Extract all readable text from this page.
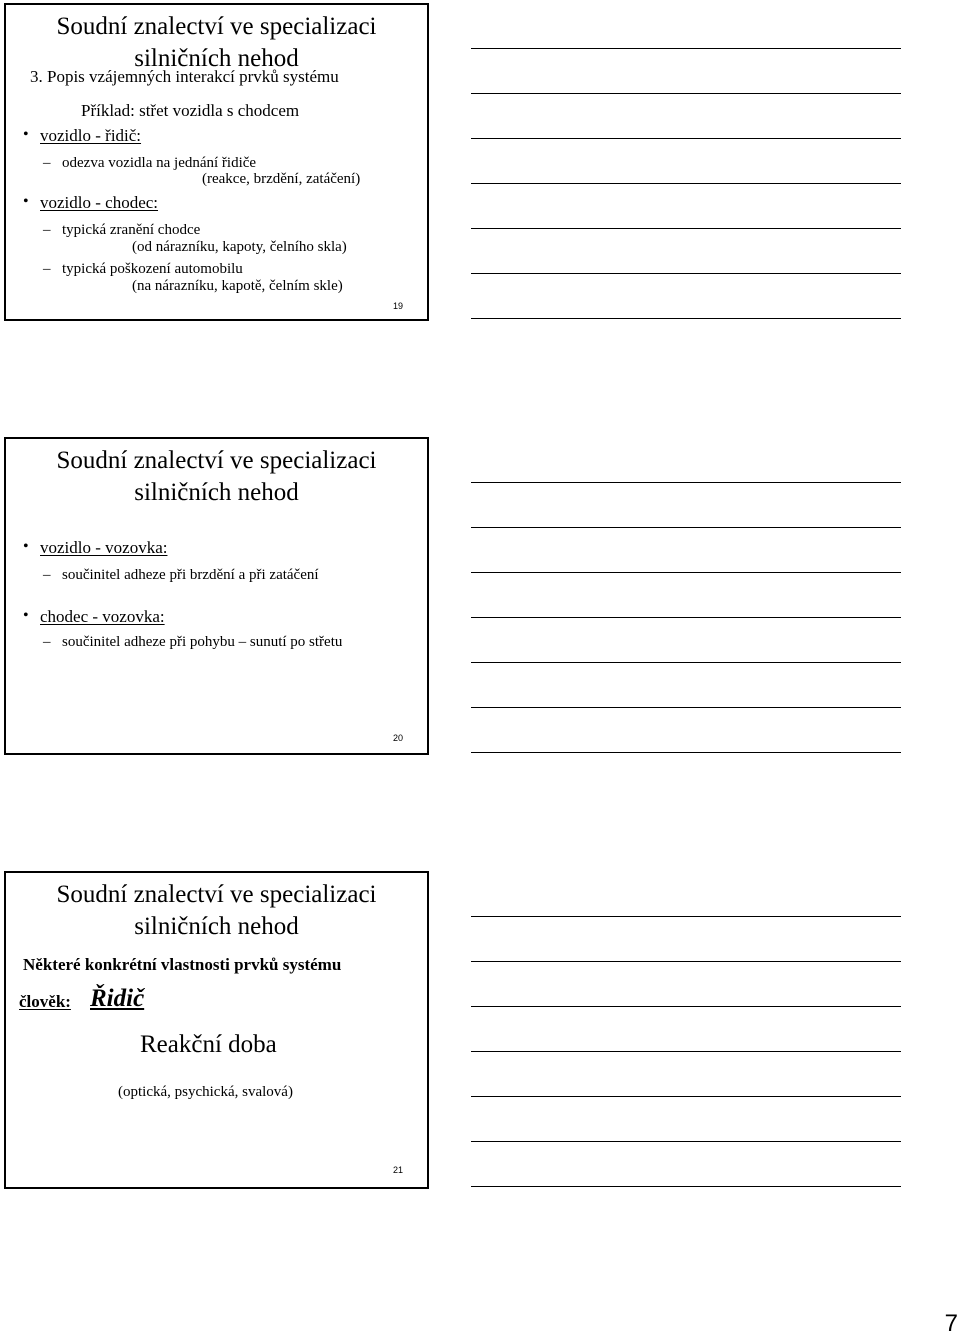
Soudní znalectví ve specializaci silničních nehod
3. Popis vzájemných interakcí prvků systému
Příklad: střet vozidla s chodcem
• vozidlo - řidič:
– odezva vozidla na jednání řidiče
(reakce, brzdění, zatáčení)
• vozidlo - chodec:
– typická zranění chodce
(od nárazníku, kapoty, čelního skla)
– typická poškození automobilu
(na nárazníku, kapotě, čelním skle)
19
Soudní znalectví ve specializaci silničních nehod
• vozidlo - vozovka:
– součinitel adheze při brzdění a při zatáčení
• chodec - vozovka:
– součinitel adheze při pohybu – sunutí po střetu
20
Soudní znalectví ve specializaci silničních nehod
Některé konkrétní vlastnosti prvků systému
člověk: Řidič
Reakční doba
(optická, psychická, svalová)
21
7
